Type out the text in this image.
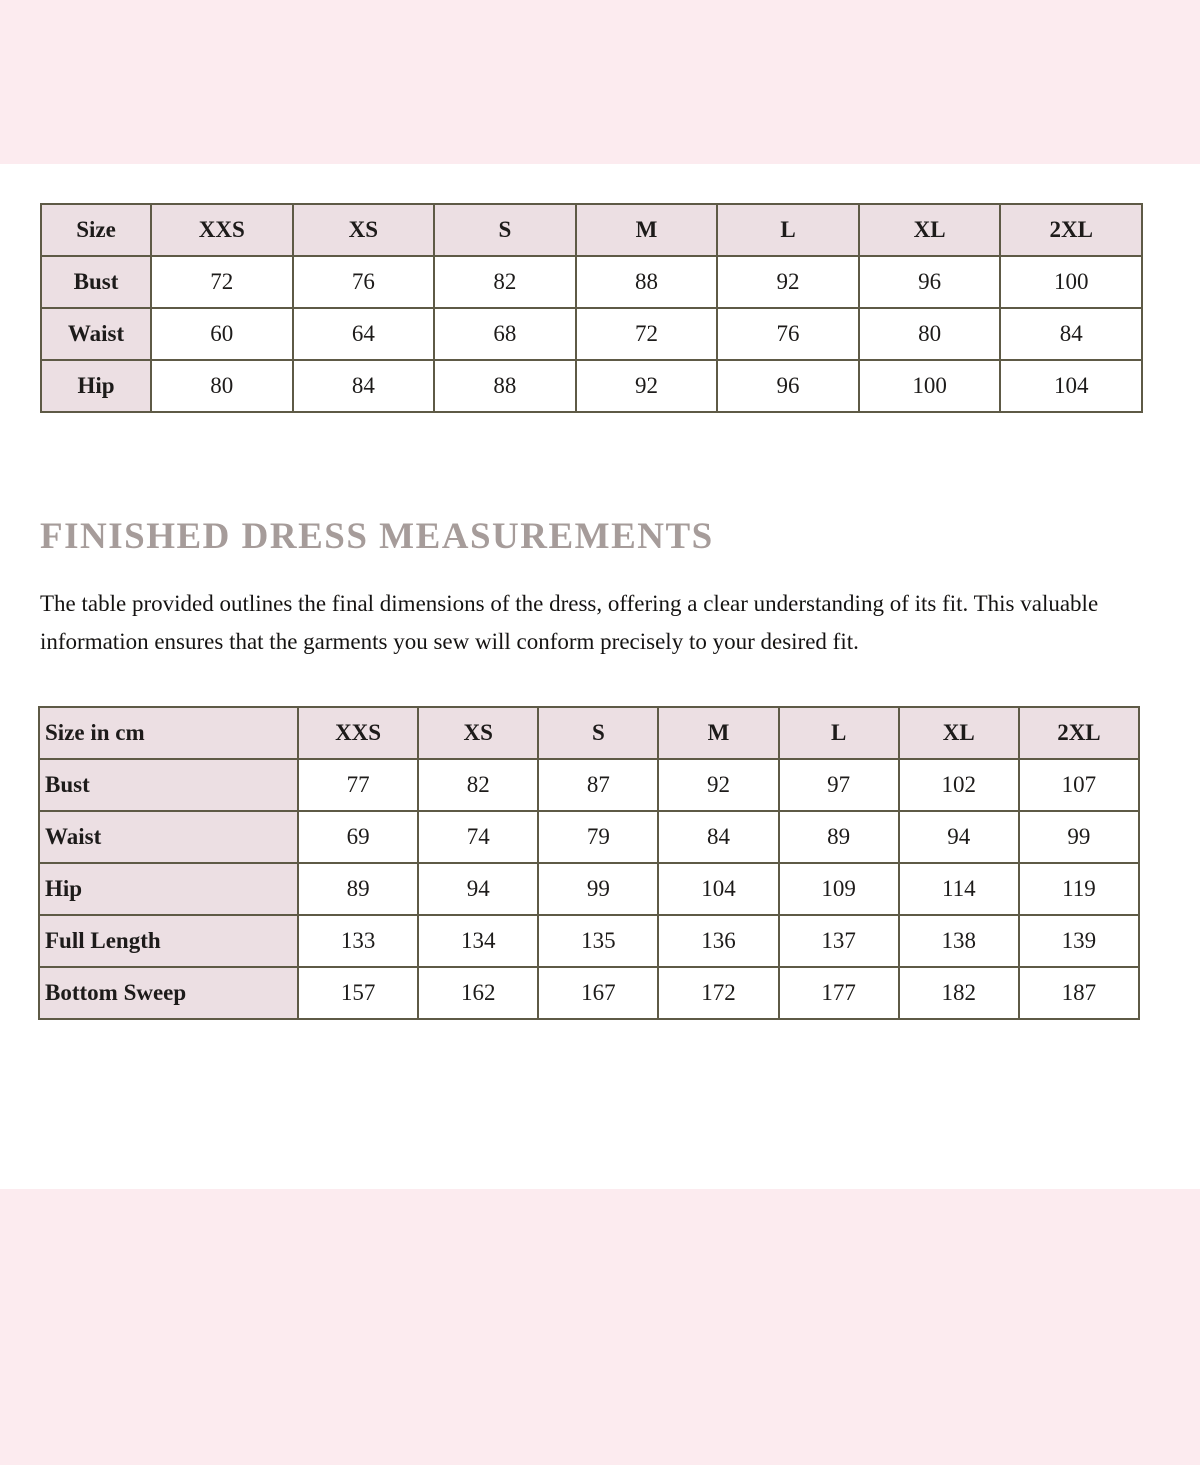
Size	XXS	XS	S	M	L	XL	2XL
Bust	72	76	82	88	92	96	100
Waist	60	64	68	72	76	80	84
Hip	80	84	88	92	96	100	104
FINISHED DRESS MEASUREMENTS
The table provided outlines the final dimensions of the dress, offering a clear understanding of its fit. This valuable information ensures that the garments you sew will conform precisely to your desired fit.
Size in cm	XXS	XS	S	M	L	XL	2XL
Bust	77	82	87	92	97	102	107
Waist	69	74	79	84	89	94	99
Hip	89	94	99	104	109	114	119
Full Length	133	134	135	136	137	138	139
Bottom Sweep	157	162	167	172	177	182	187
